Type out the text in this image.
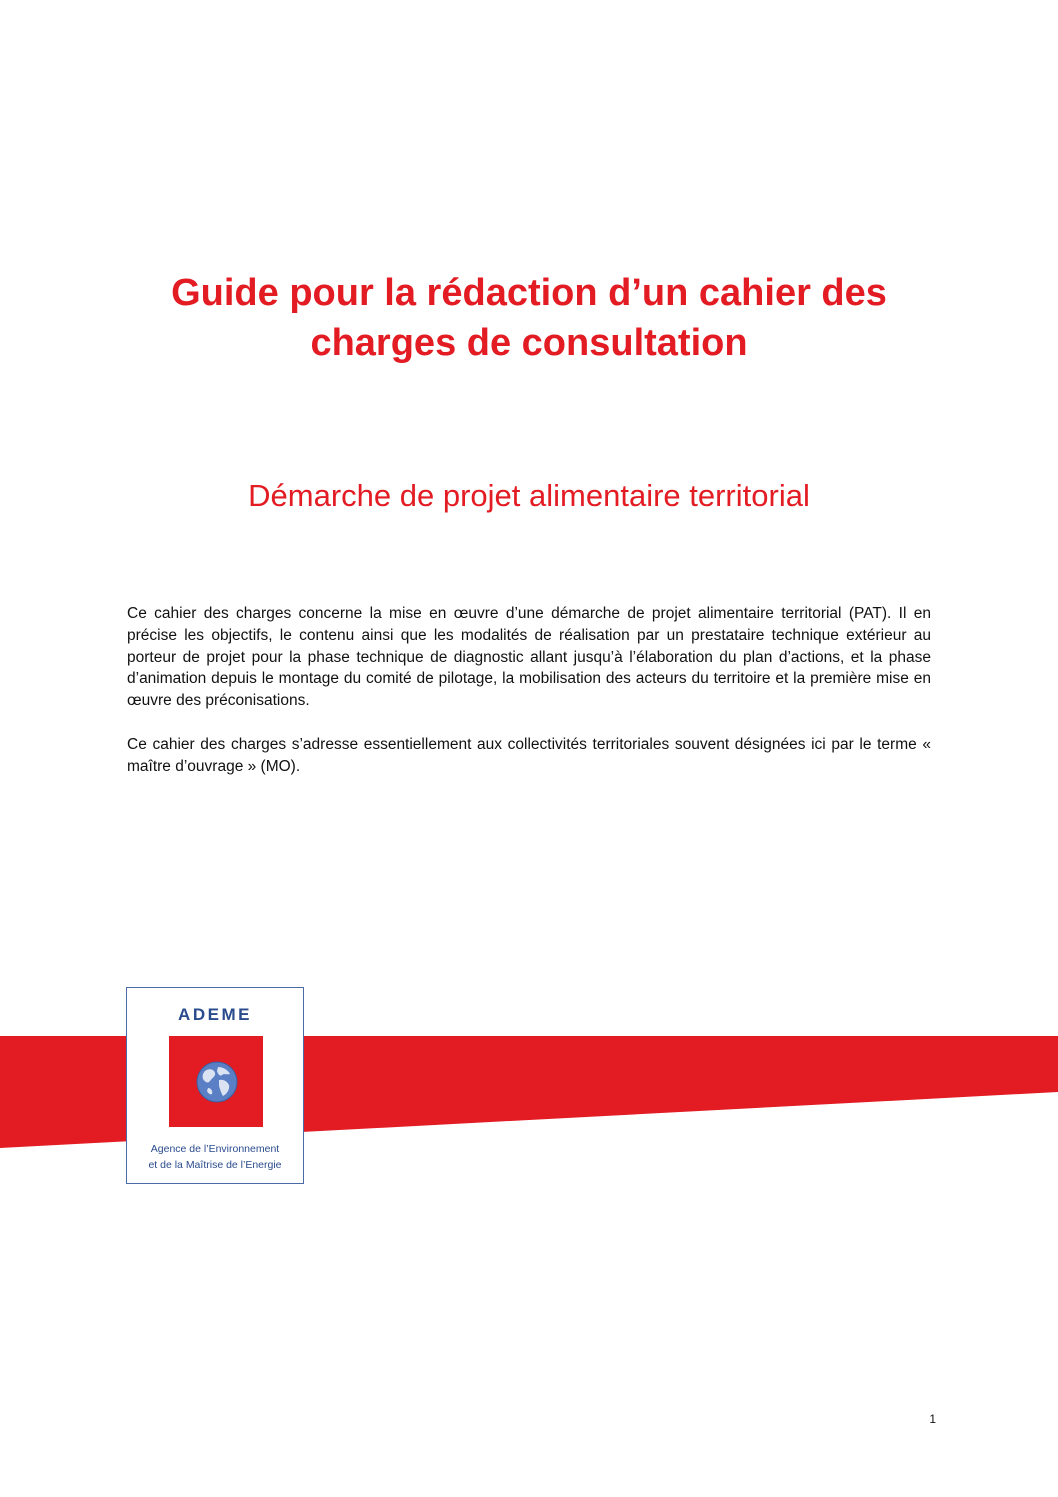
Guide pour la rédaction d’un cahier des
charges de consultation
Démarche de projet alimentaire territorial

Ce cahier des charges concerne la mise en œuvre d’une démarche de projet alimentaire territorial (PAT). Il en précise les objectifs, le contenu ainsi que les modalités de réalisation par un prestataire technique extérieur au porteur de projet pour la phase technique de diagnostic allant jusqu’à l’élaboration du plan d’actions, et la phase d’animation depuis le montage du comité de pilotage, la mobilisation des acteurs du territoire et la première mise en œuvre des préconisations.

Ce cahier des charges s’adresse essentiellement aux collectivités territoriales souvent désignées ici par le terme « maître d’ouvrage » (MO).

ADEME
Agence de l’Environnement
et de la Maîtrise de l’Energie
1
